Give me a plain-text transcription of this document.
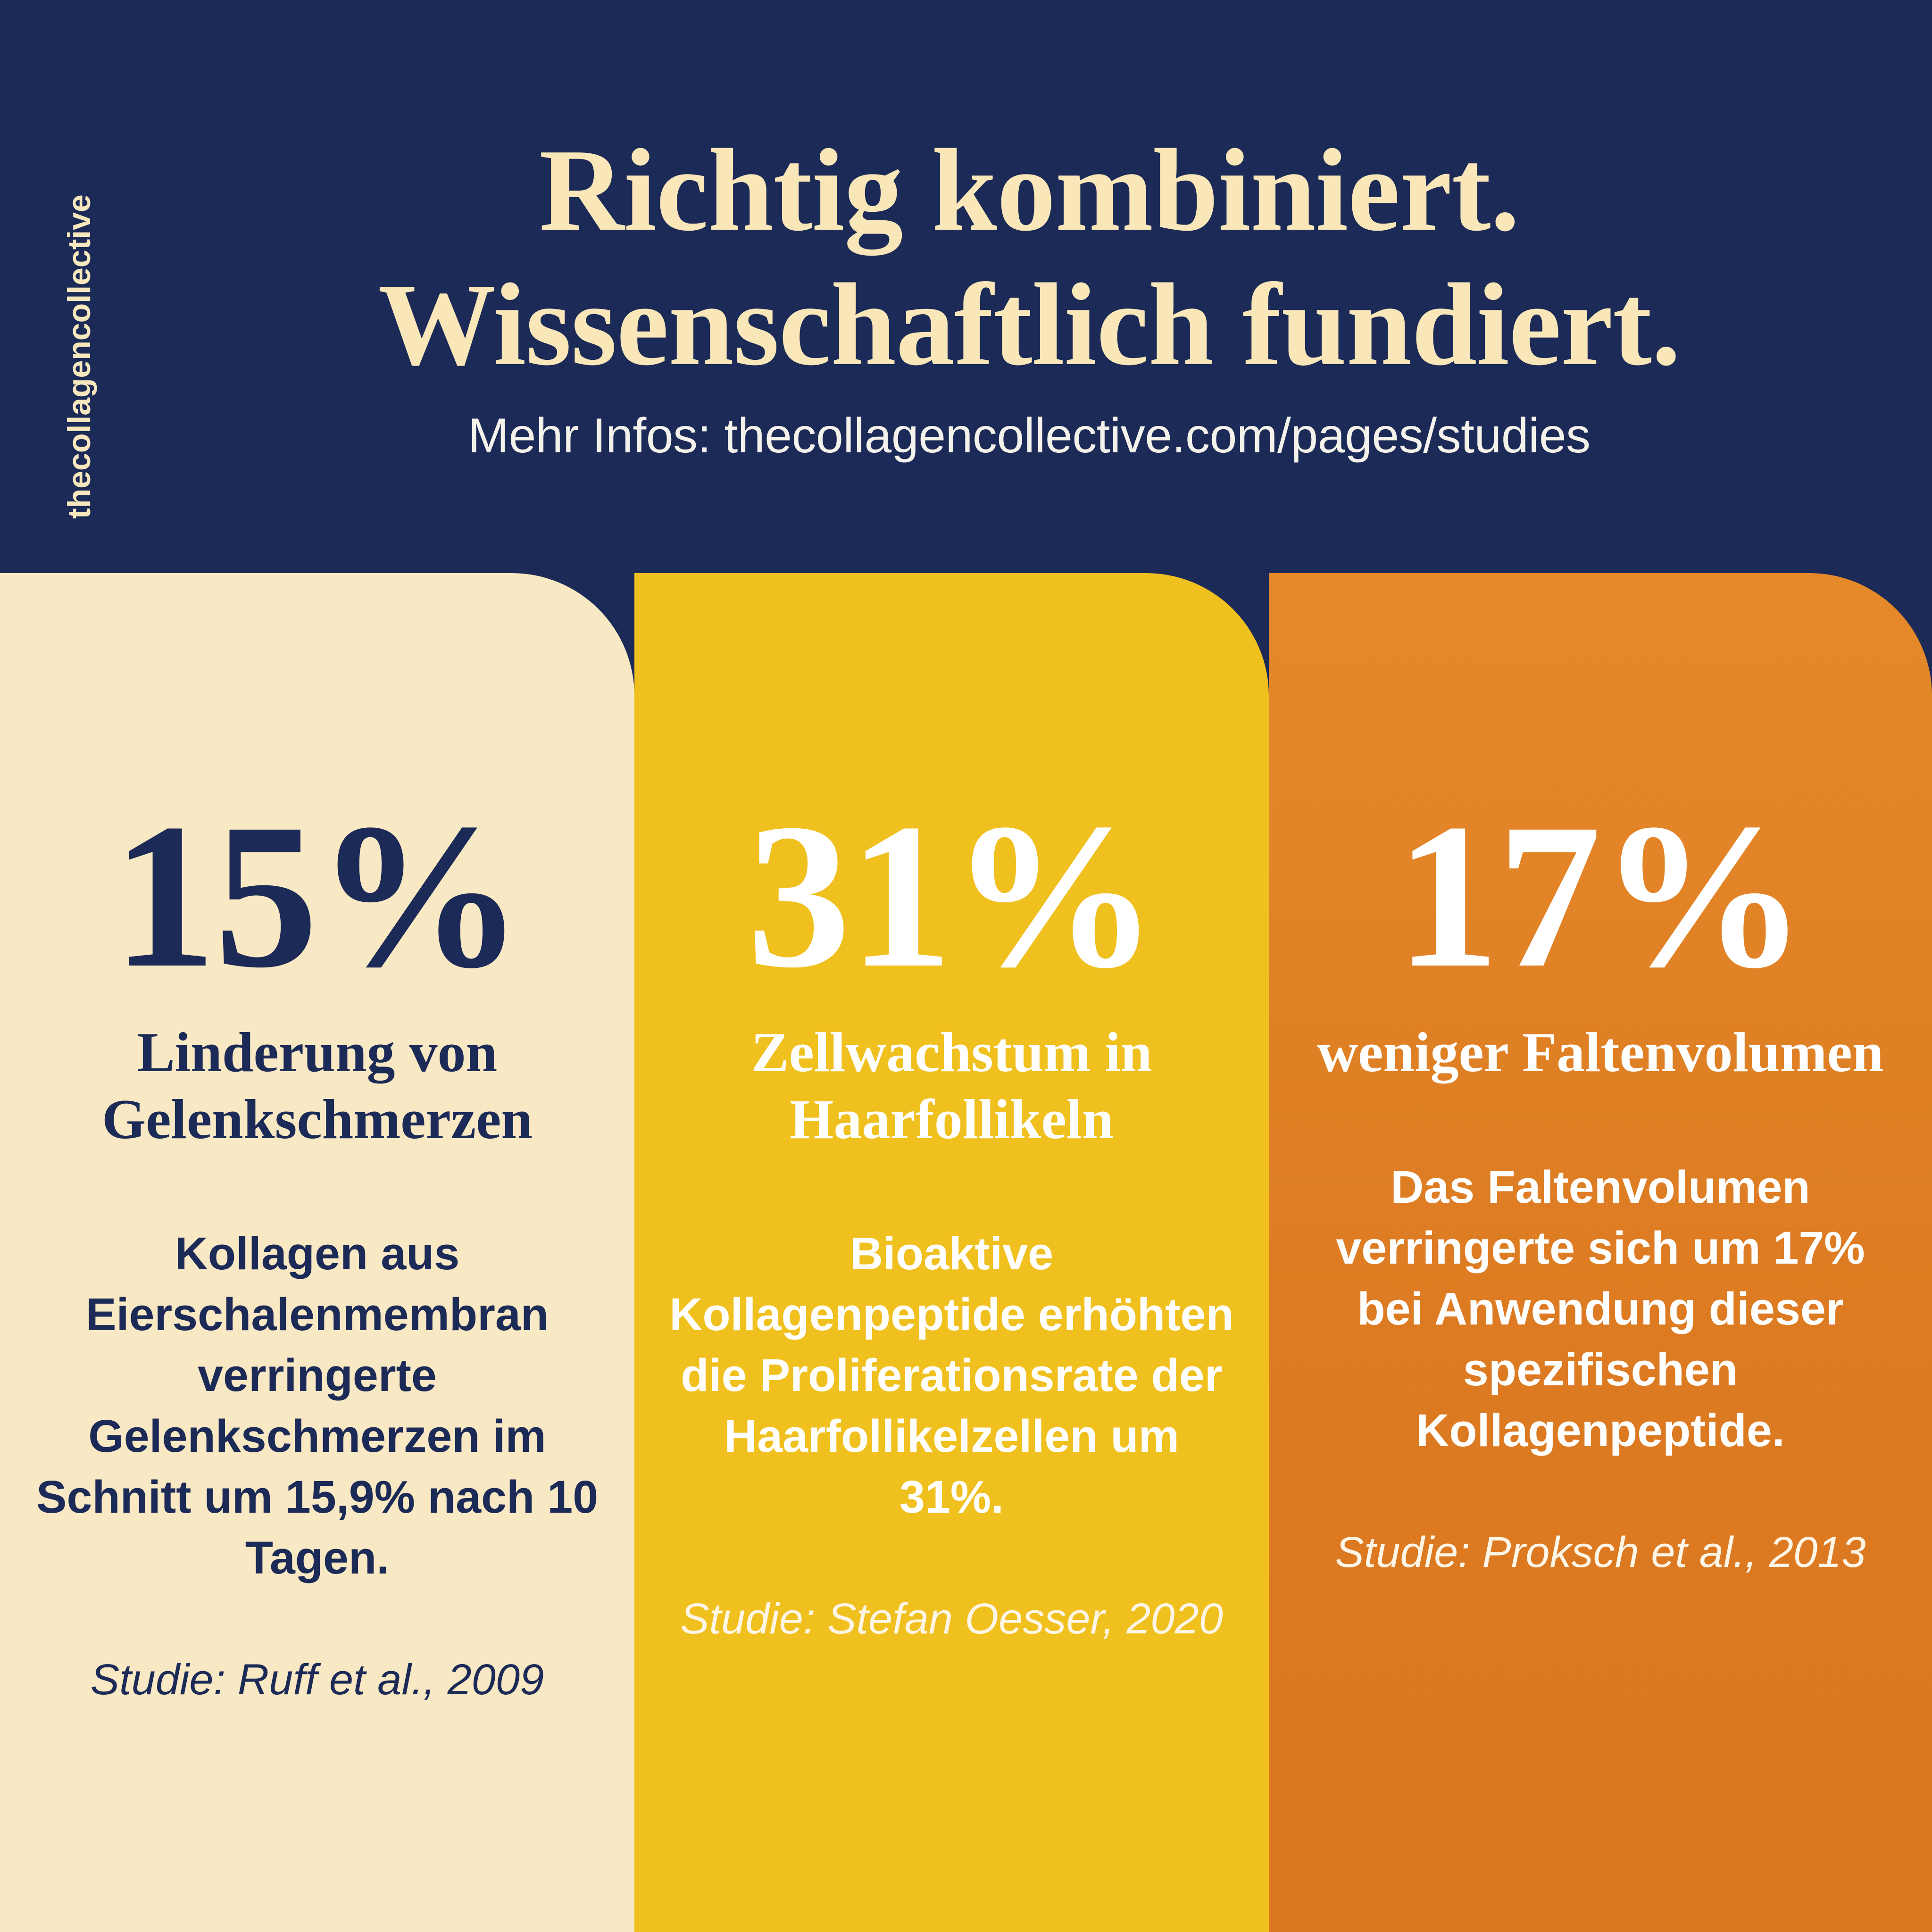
thecollagencollective
Richtig kombiniert.
Wissenschaftlich fundiert.
Mehr Infos: thecollagencollective.com/pages/studies
15%
Linderung von Gelenkschmerzen
Kollagen aus Eierschalenmembran verringerte Gelenkschmerzen im Schnitt um 15,9% nach 10 Tagen.
Studie: Ruff et al., 2009
31%
Zellwachstum in Haarfollikeln
Bioaktive Kollagenpeptide erhöhten die Proliferationsrate der Haarfollikelzellen um 31%.
Studie: Stefan Oesser, 2020
17%
weniger Faltenvolumen
Das Faltenvolumen verringerte sich um 17% bei Anwendung dieser spezifischen Kollagenpeptide.
Studie: Proksch et al., 2013
